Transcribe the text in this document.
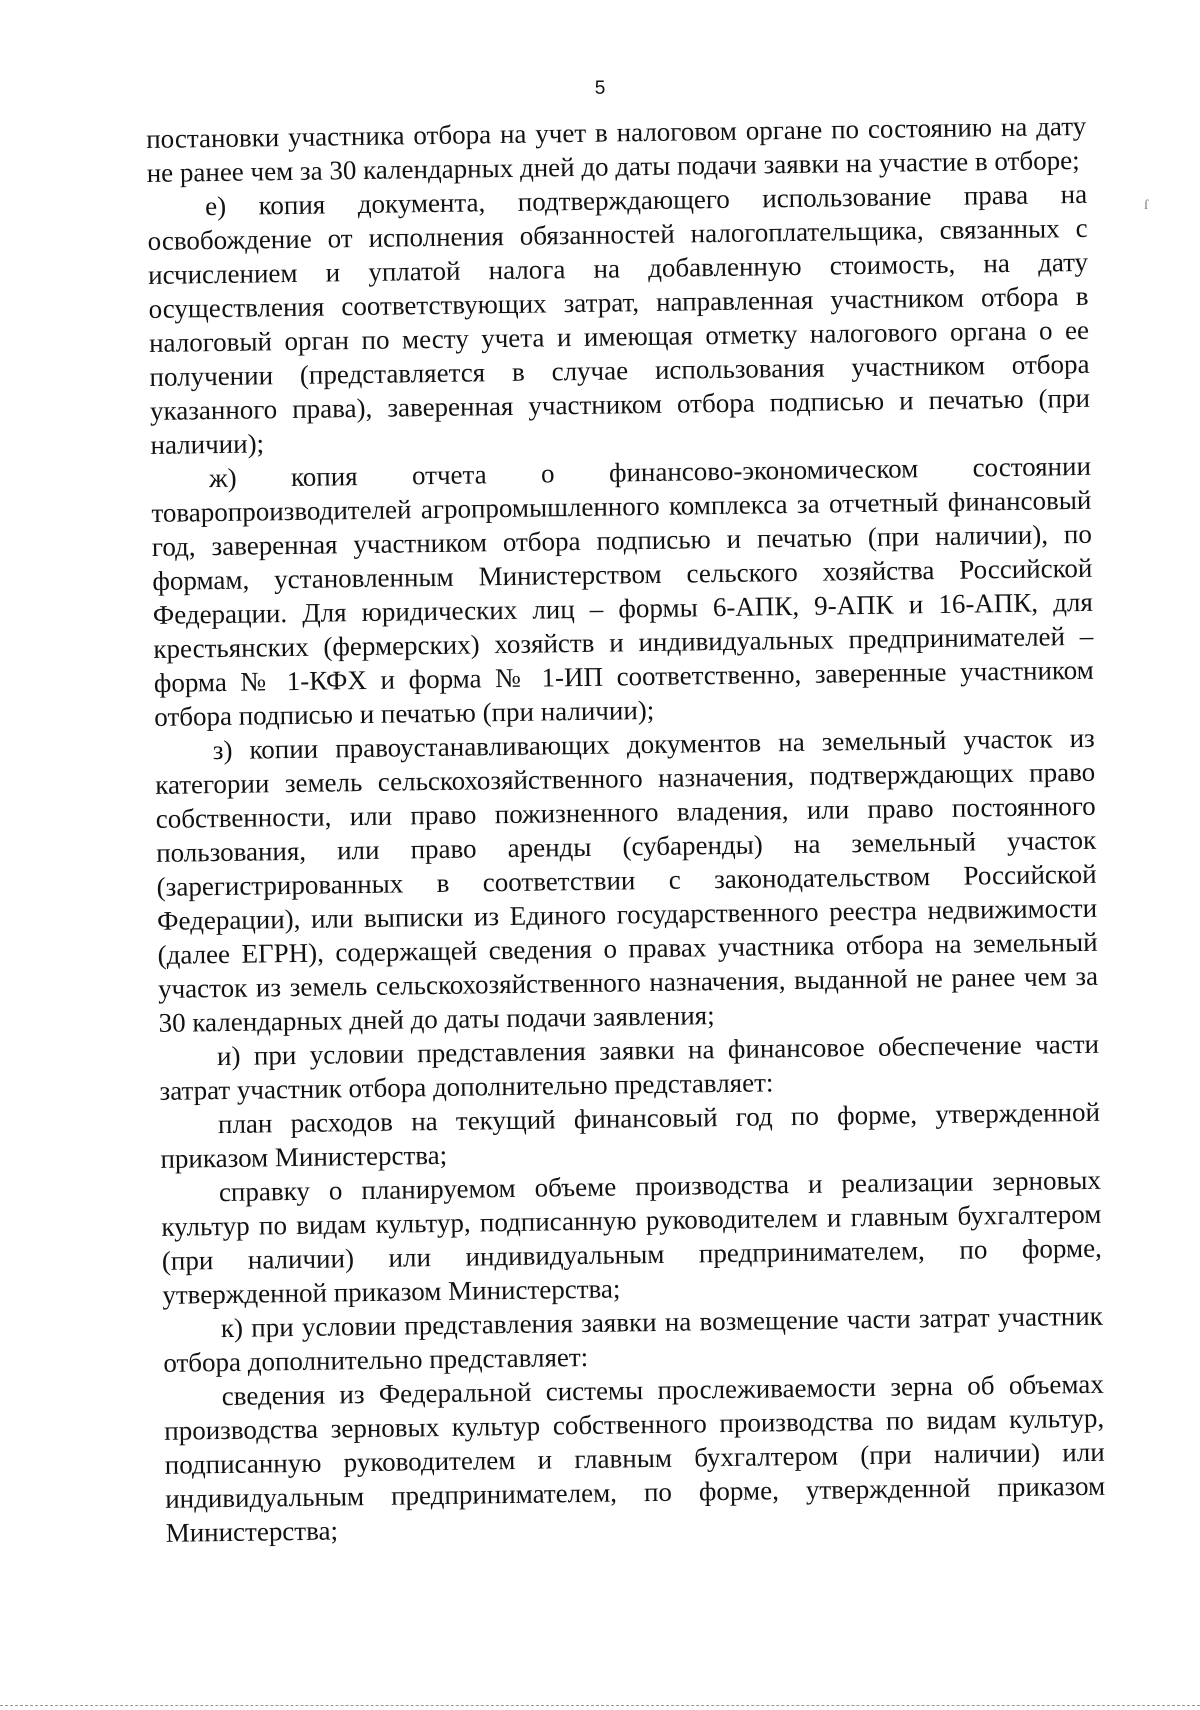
5

постановки участника отбора на учет в налоговом органе по состоянию на дату не ранее чем за 30 календарных дней до даты подачи заявки на участие в отборе;

е) копия документа, подтверждающего использование права на освобождение от исполнения обязанностей налогоплательщика, связанных с исчислением и уплатой налога на добавленную стоимость, на дату осуществления соответствующих затрат, направленная участником отбора в налоговый орган по месту учета и имеющая отметку налогового органа о ее получении (представляется в случае использования участником отбора указанного права), заверенная участником отбора подписью и печатью (при наличии);

ж) копия отчета о финансово-экономическом состоянии товаропроизводителей агропромышленного комплекса за отчетный финансовый год, заверенная участником отбора подписью и печатью (при наличии), по формам, установленным Министерством сельского хозяйства Российской Федерации. Для юридических лиц – формы 6-АПК, 9-АПК и 16-АПК, для крестьянских (фермерских) хозяйств и индивидуальных предпринимателей – форма № 1-КФХ и форма № 1-ИП соответственно, заверенные участником отбора подписью и печатью (при наличии);

з) копии правоустанавливающих документов на земельный участок из категории земель сельскохозяйственного назначения, подтверждающих право собственности, или право пожизненного владения, или право постоянного пользования, или право аренды (субаренды) на земельный участок (зарегистрированных в соответствии с законодательством Российской Федерации), или выписки из Единого государственного реестра недвижимости (далее ЕГРН), содержащей сведения о правах участника отбора на земельный участок из земель сельскохозяйственного назначения, выданной не ранее чем за 30 календарных дней до даты подачи заявления;

и) при условии представления заявки на финансовое обеспечение части затрат участник отбора дополнительно представляет:

план расходов на текущий финансовый год по форме, утвержденной приказом Министерства;

справку о планируемом объеме производства и реализации зерновых культур по видам культур, подписанную руководителем и главным бухгалтером (при наличии) или индивидуальным предпринимателем, по форме, утвержденной приказом Министерства;

к) при условии представления заявки на возмещение части затрат участник отбора дополнительно представляет:

сведения из Федеральной системы прослеживаемости зерна об объемах производства зерновых культур собственного производства по видам культур, подписанную руководителем и главным бухгалтером (при наличии) или индивидуальным предпринимателем, по форме, утвержденной приказом Министерства;

ſ
